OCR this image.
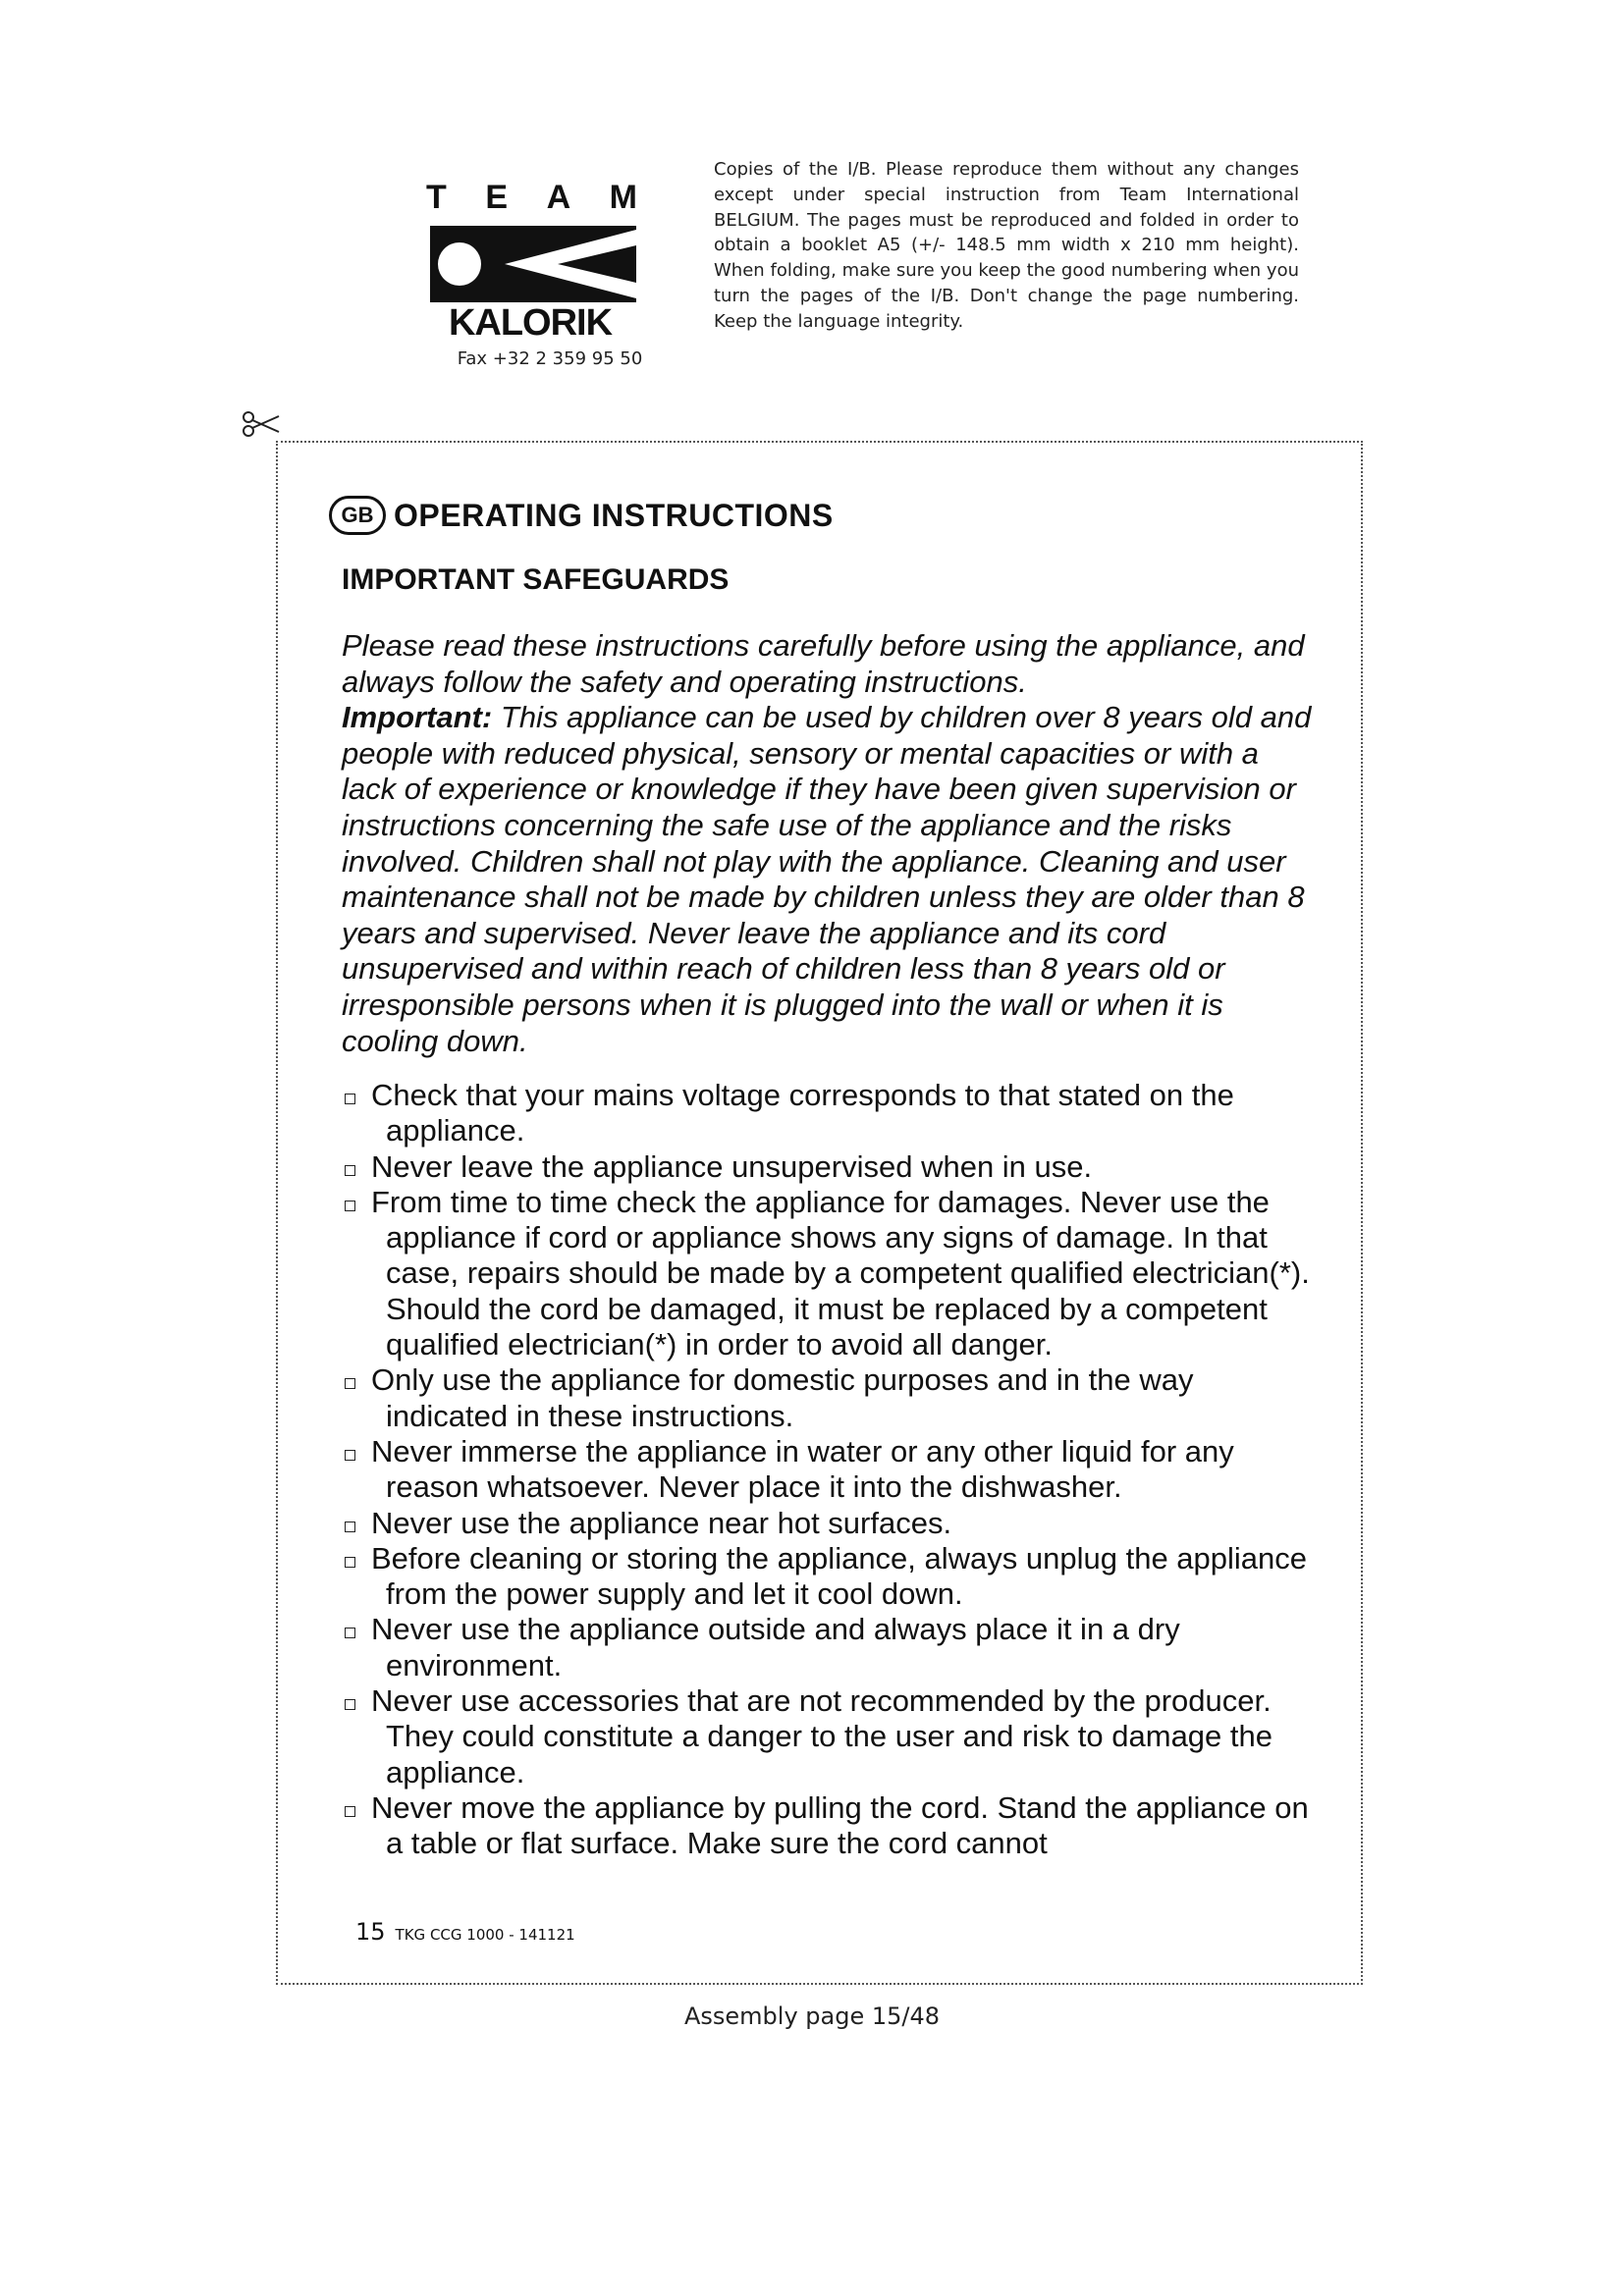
T E A M
KALORIK
Fax +32 2 359 95 50
Copies of the I/B. Please reproduce them without any changes except under special instruction from Team International BELGIUM. The pages must be reproduced and folded in order to obtain a booklet A5 (+/- 148.5 mm width x 210 mm height). When folding, make sure you keep the good numbering when you turn the pages of the I/B. Don't change the page numbering. Keep the language integrity.
GB OPERATING INSTRUCTIONS
IMPORTANT SAFEGUARDS

Please read these instructions carefully before using the appliance, and always follow the safety and operating instructions.

Important: This appliance can be used by children over 8 years old and people with reduced physical, sensory or mental capacities or with a lack of experience or knowledge if they have been given supervision or instructions concerning the safe use of the appliance and the risks involved. Children shall not play with the appliance. Cleaning and user maintenance shall not be made by children unless they are older than 8 years and supervised. Never leave the appliance and its cord unsupervised and within reach of children less than 8 years old or irresponsible persons when it is plugged into the wall or when it is cooling down.

Check that your mains voltage corresponds to that stated on the appliance.
Never leave the appliance unsupervised when in use.
From time to time check the appliance for damages. Never use the appliance if cord or appliance shows any signs of damage. In that case, repairs should be made by a competent qualified electrician(*). Should the cord be damaged, it must be replaced by a competent qualified electrician(*) in order to avoid all danger.
Only use the appliance for domestic purposes and in the way indicated in these instructions.
Never immerse the appliance in water or any other liquid for any reason whatsoever. Never place it into the dishwasher.
Never use the appliance near hot surfaces.
Before cleaning or storing the appliance, always unplug the appliance from the power supply and let it cool down.
Never use the appliance outside and always place it in a dry environment.
Never use accessories that are not recommended by the producer. They could constitute a danger to the user and risk to damage the appliance.
Never move the appliance by pulling the cord. Stand the appliance on a table or flat surface. Make sure the cord cannot
15 TKG CCG 1000 - 141121
Assembly page 15/48
